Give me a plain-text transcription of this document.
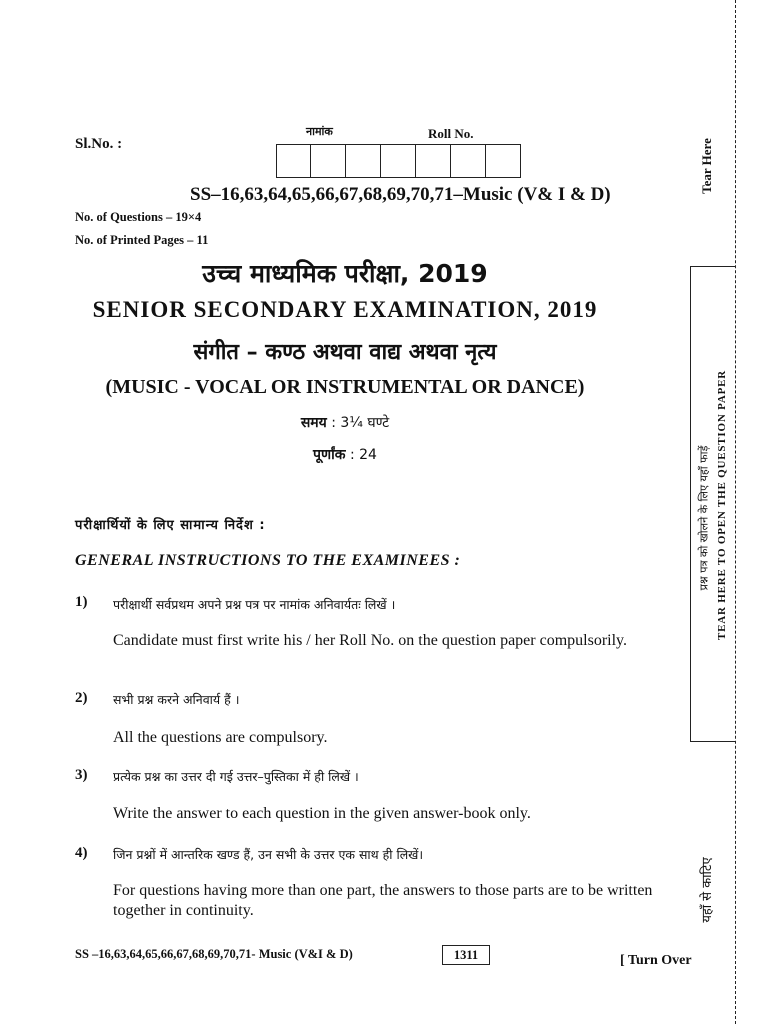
Sl.No. :
नामांक	Roll No.
SS–16,63,64,65,66,67,68,69,70,71–Music (V& I & D)
No. of Questions – 19×4
No. of Printed Pages – 11
उच्च माध्यमिक परीक्षा, 2019
SENIOR SECONDARY EXAMINATION, 2019
संगीत – कण्ठ अथवा वाद्य अथवा नृत्य
(MUSIC - VOCAL OR INSTRUMENTAL OR DANCE)
समय : 3¼ घण्टे
पूर्णांक : 24
परीक्षार्थियों के लिए सामान्य निर्देश :
GENERAL INSTRUCTIONS TO THE EXAMINEES :
1) परीक्षार्थी सर्वप्रथम अपने प्रश्न पत्र पर नामांक अनिवार्यतः लिखें ।
Candidate must first write his / her Roll No. on the question paper compulsorily.
2) सभी प्रश्न करने अनिवार्य हैं ।
All the questions are compulsory.
3) प्रत्येक प्रश्न का उत्तर दी गई उत्तर–पुस्तिका में ही लिखें ।
Write the answer to each question in the given answer-book only.
4) जिन प्रश्नों में आन्तरिक खण्ड हैं, उन सभी के उत्तर एक साथ ही लिखें।
For questions having more than one part, the answers to those parts are to be written together in continuity.
SS –16,63,64,65,66,67,68,69,70,71- Music (V&I & D)	1311	[ Turn Over
Tear Here
प्रश्न पत्र को खोलने के लिए यहाँ फाड़ें TEAR HERE TO OPEN THE QUESTION PAPER
यहाँ से काटिए
